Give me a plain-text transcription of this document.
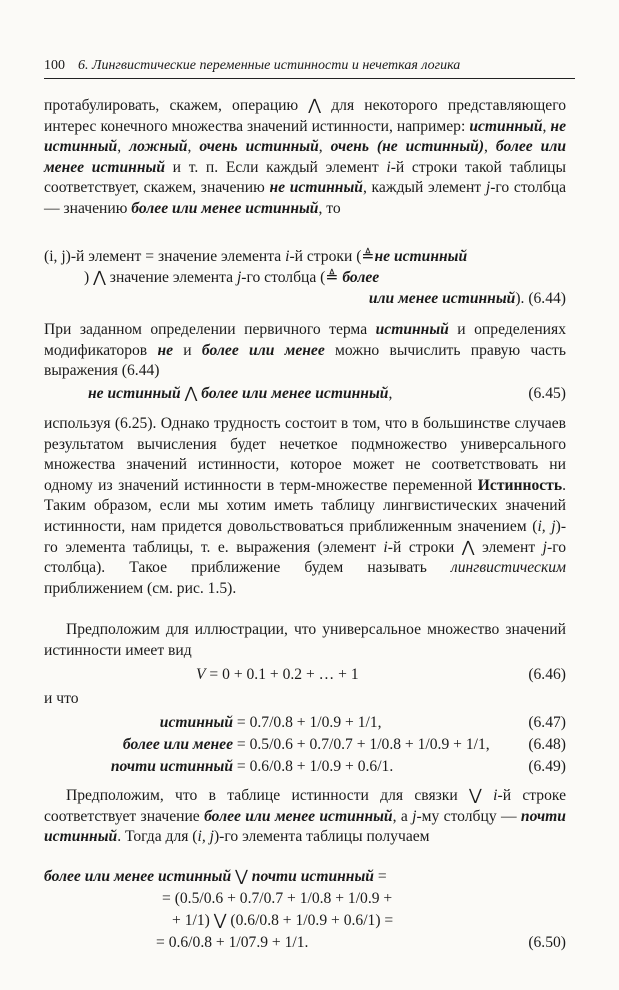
100 6. Лингвистические переменные истинности и нечеткая логика

протабулировать, скажем, операцию ⋀ для некоторого представляющего интерес конечного множества значений истинности, например: истинный, не истинный, ложный, очень истинный, очень (не истинный), более или менее истинный и т. п. Если каждый элемент i-й строки такой таблицы соответствует, скажем, значению не истинный, каждый элемент j-го столбца — значению более или менее истинный, то

(i, j)-й элемент = значение элемента i-й строки (≜не истинный
) ⋀ значение элемента j-го столбца (≜ более
или менее истинный). (6.44)

При заданном определении первичного терма истинный и определениях модификаторов не и более или менее можно вычислить правую часть выражения (6.44)

не истинный ⋀ более или менее истинный,	(6.45)

используя (6.25). Однако трудность состоит в том, что в большинстве случаев результатом вычисления будет нечеткое подмножество универсального множества значений истинности, которое может не соответствовать ни одному из значений истинности в терм-множестве переменной Истинность. Таким образом, если мы хотим иметь таблицу лингвистических значений истинности, нам придется довольствоваться приближенным значением (i, j)-го элемента таблицы, т. е. выражения (элемент i-й строки ⋀ элемент j-го столбца). Такое приближение будем называть лингвистическим приближением (см. рис. 1.5).

Предположим для иллюстрации, что универсальное множество значений истинности имеет вид

V = 0 + 0.1 + 0.2 + … + 1	(6.46)
и что
истинный = 0.7/0.8 + 1/0.9 + 1/1,	(6.47)
более или менее = 0.5/0.6 + 0.7/0.7 + 1/0.8 + 1/0.9 + 1/1, (6.48)
почти истинный = 0.6/0.8 + 1/0.9 + 0.6/1.	(6.49)

Предположим, что в таблице истинности для связки ⋁ i-й строке соответствует значение более или менее истинный, а j-му столбцу — почти истинный. Тогда для (i, j)-го элемента таблицы получаем

более или менее истинный ⋁ почти истинный =
= (0.5/0.6 + 0.7/0.7 + 1/0.8 + 1/0.9 +
+ 1/1) ⋁ (0.6/0.8 + 1/0.9 + 0.6/1) =
= 0.6/0.8 + 1/07.9 + 1/1.	(6.50)
